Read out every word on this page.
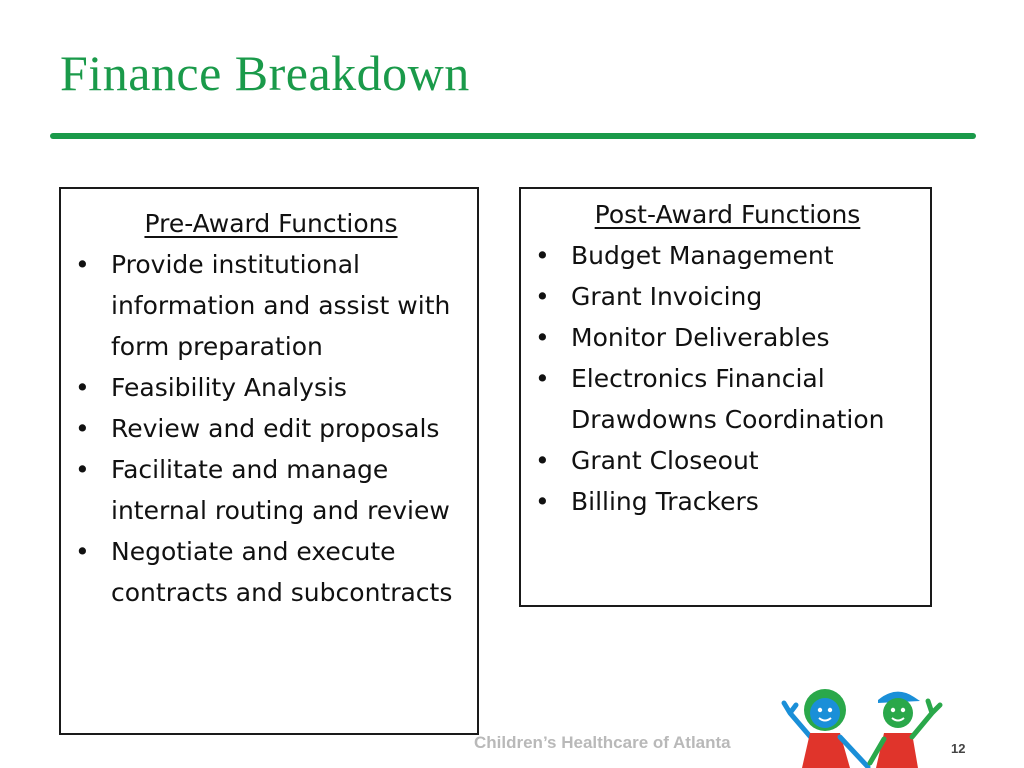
Finance Breakdown
Pre-Award Functions
• Provide institutional information and assist with form preparation
• Feasibility Analysis
• Review and edit proposals
• Facilitate and manage internal routing and review
• Negotiate and execute contracts and subcontracts
Post-Award Functions
• Budget Management
• Grant Invoicing
• Monitor Deliverables
• Electronics Financial Drawdowns Coordination
• Grant Closeout
• Billing Trackers
Children’s Healthcare of Atlanta	12
